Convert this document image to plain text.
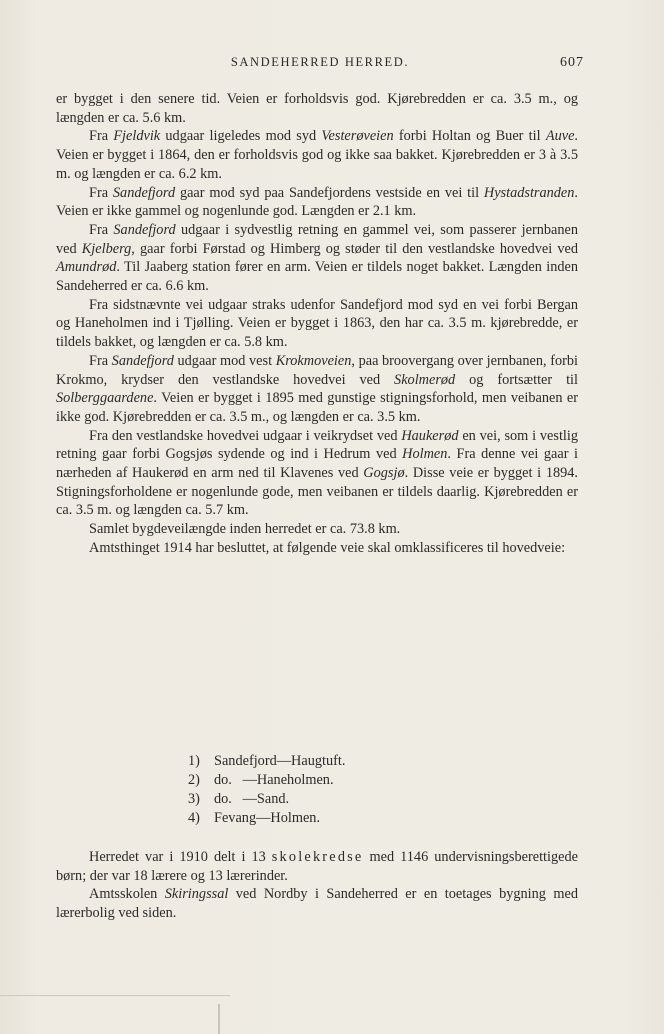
SANDEHERRED HERRED.	607

er bygget i den senere tid. Veien er forholdsvis god. Kjørebredden er ca. 3.5 m., og længden er ca. 5.6 km.

Fra Fjeldvik udgaar ligeledes mod syd Vesterøveien forbi Holtan og Buer til Auve. Veien er bygget i 1864, den er forholdsvis god og ikke saa bakket. Kjørebredden er 3 à 3.5 m. og længden er ca. 6.2 km.

Fra Sandefjord gaar mod syd paa Sandefjordens vestside en vei til Hystadstranden. Veien er ikke gammel og nogenlunde god. Længden er 2.1 km.

Fra Sandefjord udgaar i sydvestlig retning en gammel vei, som passerer jernbanen ved Kjelberg, gaar forbi Førstad og Himberg og støder til den vestlandske hovedvei ved Amundrød. Til Jaaberg station fører en arm. Veien er tildels noget bakket. Længden inden Sandeherred er ca. 6.6 km.

Fra sidstnævnte vei udgaar straks udenfor Sandefjord mod syd en vei forbi Bergan og Haneholmen ind i Tjølling. Veien er bygget i 1863, den har ca. 3.5 m. kjørebredde, er tildels bakket, og længden er ca. 5.8 km.

Fra Sandefjord udgaar mod vest Krokmoveien, paa broovergang over jernbanen, forbi Krokmo, krydser den vestlandske hovedvei ved Skolmerød og fortsætter til Solberggaardene. Veien er bygget i 1895 med gunstige stigningsforhold, men veibanen er ikke god. Kjørebredden er ca. 3.5 m., og længden er ca. 3.5 km.

Fra den vestlandske hovedvei udgaar i veikrydset ved Haukerød en vei, som i vestlig retning gaar forbi Gogsjøs sydende og ind i Hedrum ved Holmen. Fra denne vei gaar i nærheden af Haukerød en arm ned til Klavenes ved Gogsjø. Disse veie er bygget i 1894. Stigningsforholdene er nogenlunde gode, men veibanen er tildels daarlig. Kjørebredden er ca. 3.5 m. og længden ca. 5.7 km.

Samlet bygdeveilængde inden herredet er ca. 73.8 km.

Amtsthinget 1914 har besluttet, at følgende veie skal omklassificeres til hovedveie:

1) Sandefjord—Haugtuft.
2) do.   —Haneholmen.
3) do.   —Sand.
4) Fevang—Holmen.

Herredet var i 1910 delt i 13 skolekredse med 1146 undervisningsberettigede børn; der var 18 lærere og 13 lærerinder.

Amtsskolen Skiringssal ved Nordby i Sandeherred er en toetages bygning med lærerbolig ved siden.
